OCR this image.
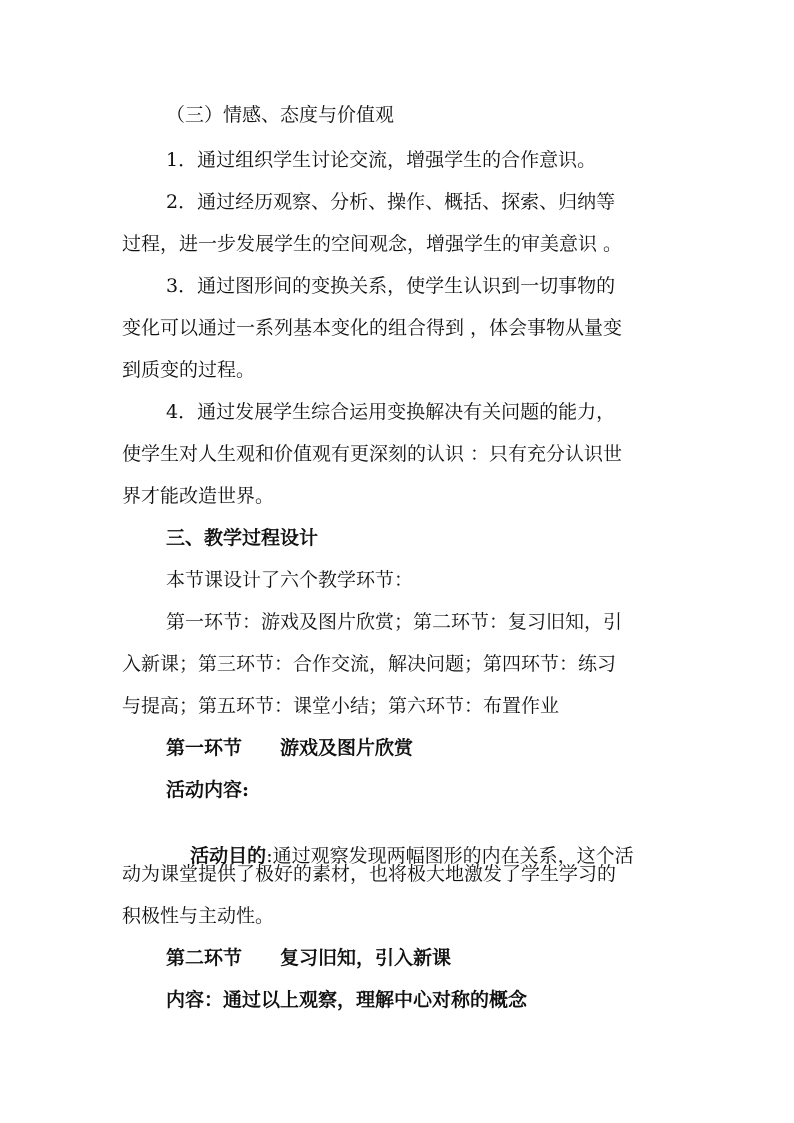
（三）情感、态度与价值观
1．通过组织学生讨论交流，增强学生的合作意识。
2．通过经历观察、分析、操作、概括、探索、归纳等
过程，进一步发展学生的空间观念，增强学生的审美意识 。
3．通过图形间的变换关系，使学生认识到一切事物的
变化可以通过一系列基本变化的组合得到 ，体会事物从量变
到质变的过程。
4．通过发展学生综合运用变换解决有关问题的能力，
使学生对人生观和价值观有更深刻的认识 ：只有充分认识世
界才能改造世界。
三、教学过程设计
本节课设计了六个教学环节：
第一环节：游戏及图片欣赏；第二环节：复习旧知，引
入新课；第三环节：合作交流，解决问题；第四环节：练习
与提高；第五环节：课堂小结；第六环节：布置作业
第一环节　　游戏及图片欣赏
活动内容:

活动目的:通过观察发现两幅图形的内在关系，这个活

动为课堂提供了极好的素材，也将极大地激发了学生学习的
积极性与主动性。
第二环节　　复习旧知，引入新课
内容：通过以上观察，理解中心对称的概念
